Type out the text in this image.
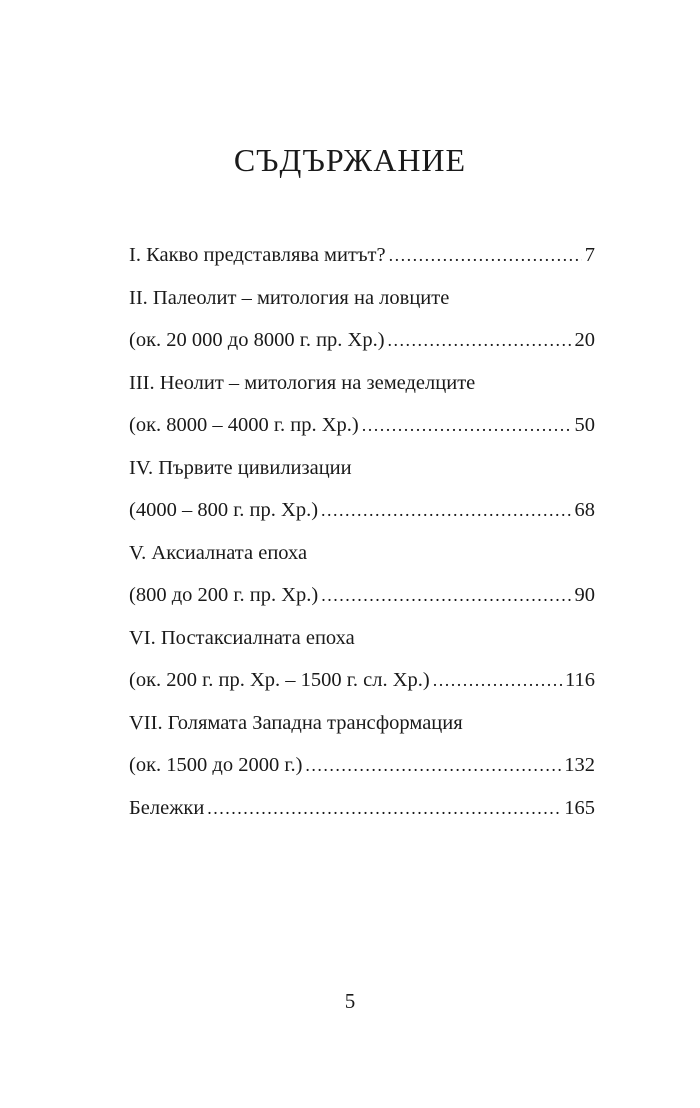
СЪДЪРЖАНИЕ
I. Какво представлява митът? .....	7
II. Палеолит – митология на ловците
(ок. 20 000 до 8000 г. пр. Хр.) .....	20
III. Неолит – митология на земеделците
(ок. 8000 – 4000 г. пр. Хр.) .....	50
IV. Първите цивилизации
(4000 – 800 г. пр. Хр.) .....	68
V. Аксиалната епоха
(800 до 200 г. пр. Хр.) .....	90
VI. Постаксиалната епоха
(ок. 200 г. пр. Хр. – 1500 г. сл. Хр.) .....	116
VII. Голямата Западна трансформация
(ок. 1500 до 2000 г.) .....	132
Бележки .....	165
5
